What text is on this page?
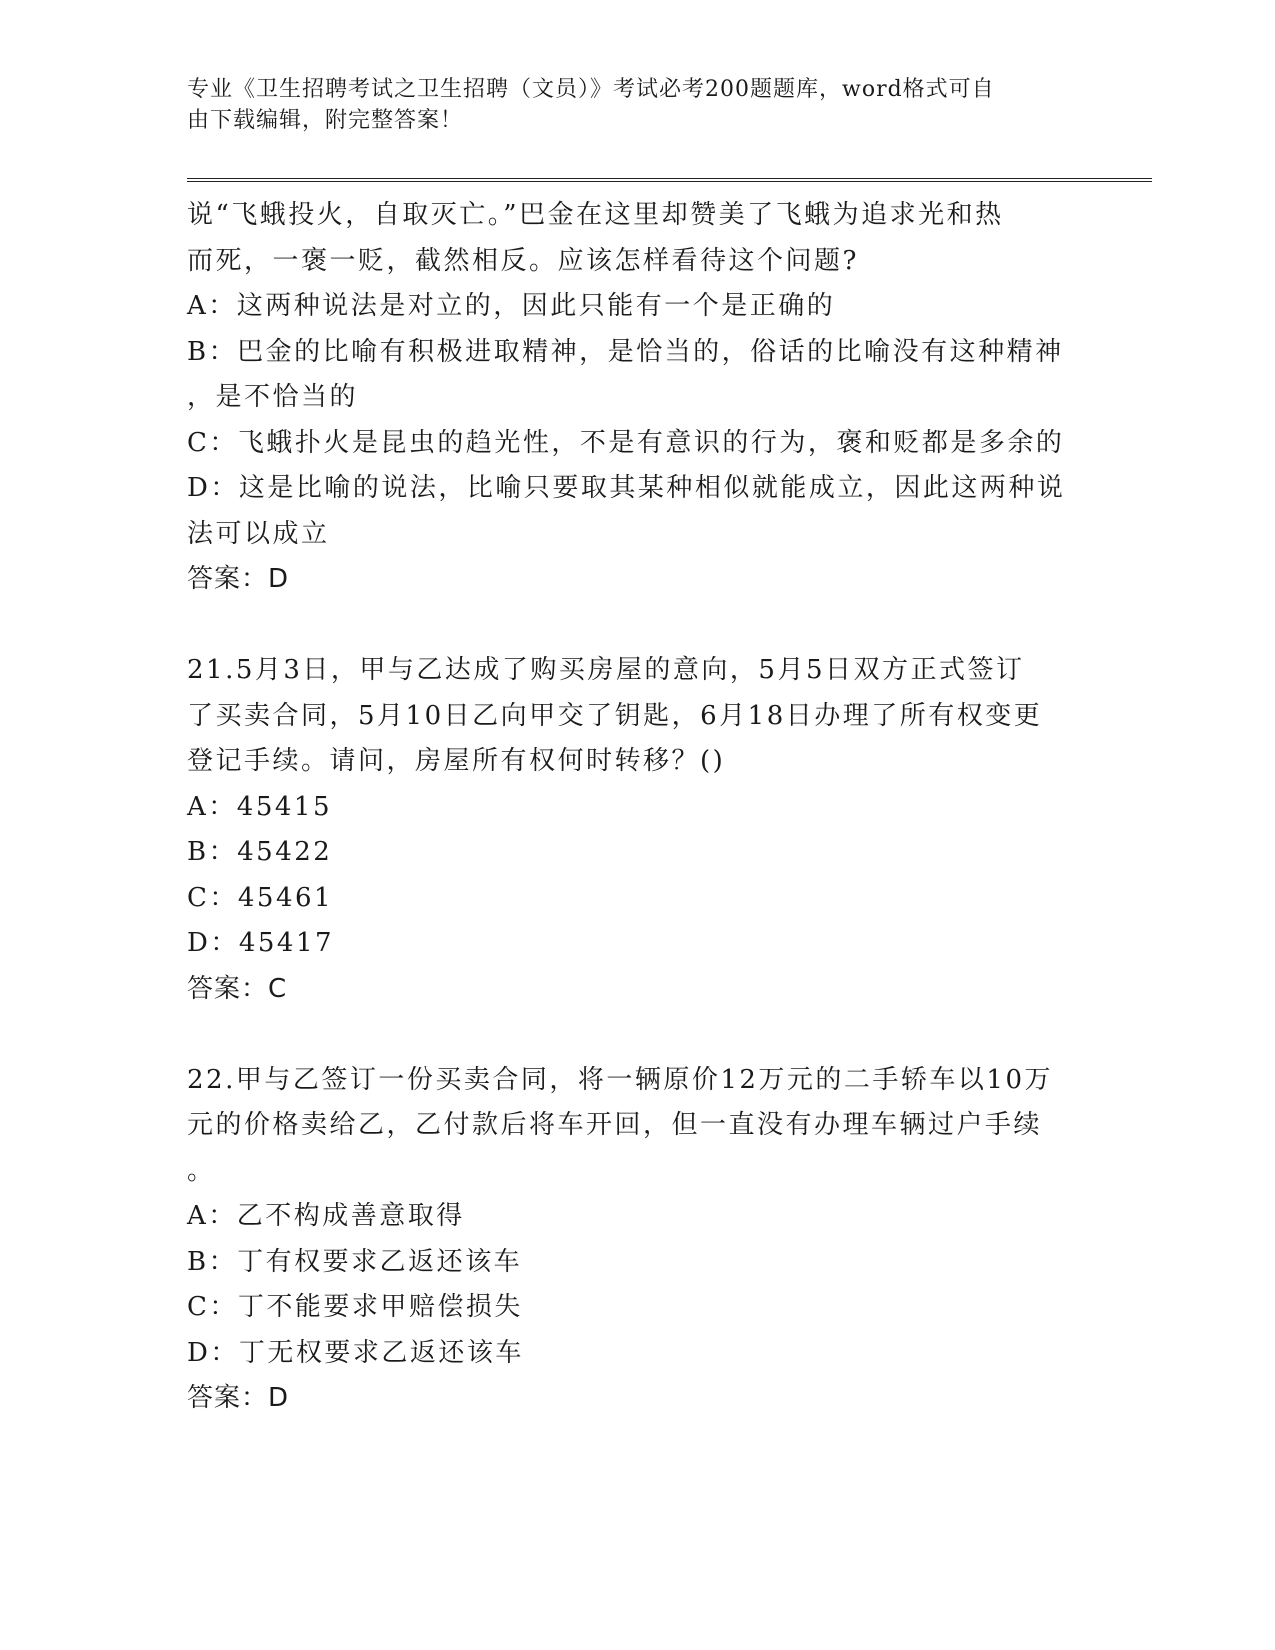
专业《卫生招聘考试之卫生招聘（文员）》考试必考200题题库，word格式可自
由下载编辑，附完整答案！
说“飞蛾投火，自取灭亡。”巴金在这里却赞美了飞蛾为追求光和热
而死，一褒一贬，截然相反。应该怎样看待这个问题?
A：这两种说法是对立的，因此只能有一个是正确的
B：巴金的比喻有积极进取精神，是恰当的，俗话的比喻没有这种精神
，是不恰当的
C：飞蛾扑火是昆虫的趋光性，不是有意识的行为，褒和贬都是多余的
D：这是比喻的说法，比喻只要取其某种相似就能成立，因此这两种说
法可以成立
答案：D
21.5月3日，甲与乙达成了购买房屋的意向，5月5日双方正式签订
了买卖合同，5月10日乙向甲交了钥匙，6月18日办理了所有权变更
登记手续。请问，房屋所有权何时转移？()
A：45415
B：45422
C：45461
D：45417
答案：C
22.甲与乙签订一份买卖合同，将一辆原价12万元的二手轿车以10万
元的价格卖给乙，乙付款后将车开回，但一直没有办理车辆过户手续
。
A：乙不构成善意取得
B：丁有权要求乙返还该车
C：丁不能要求甲赔偿损失
D：丁无权要求乙返还该车
答案：D
